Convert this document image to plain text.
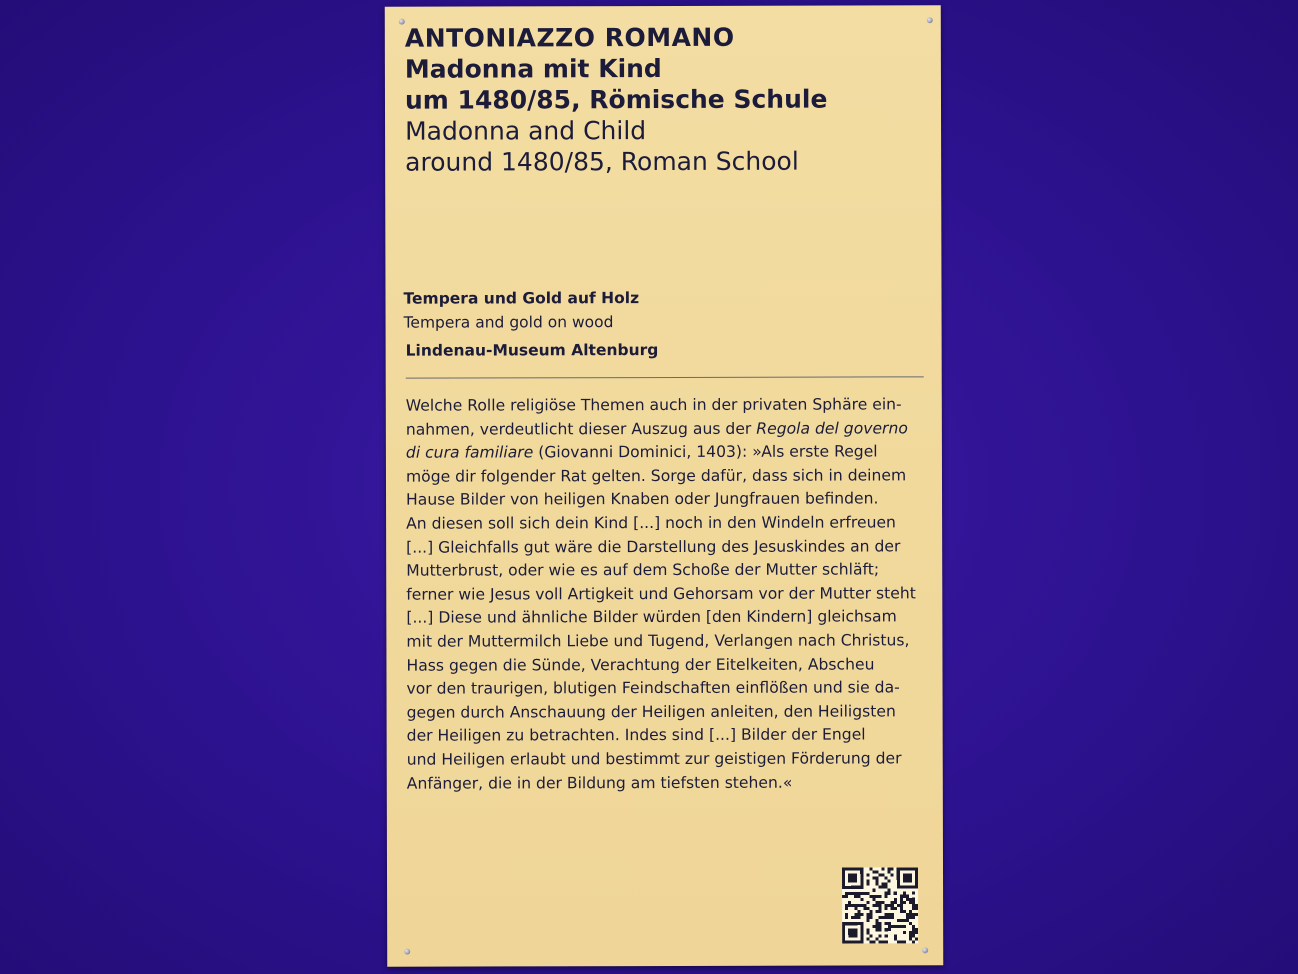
ANTONIAZZO ROMANO
Madonna mit Kind
um 1480/85, Römische Schule
Madonna and Child
around 1480/85, Roman School
Tempera und Gold auf Holz
Tempera and gold on wood
Lindenau-Museum Altenburg
Welche Rolle religiöse Themen auch in der privaten Sphäre ein-
nahmen, verdeutlicht dieser Auszug aus der Regola del governo
di cura familiare (Giovanni Dominici, 1403): »Als erste Regel
möge dir folgender Rat gelten. Sorge dafür, dass sich in deinem
Hause Bilder von heiligen Knaben oder Jungfrauen befinden.
An diesen soll sich dein Kind [...] noch in den Windeln erfreuen
[...] Gleichfalls gut wäre die Darstellung des Jesuskindes an der
Mutterbrust, oder wie es auf dem Schoße der Mutter schläft;
ferner wie Jesus voll Artigkeit und Gehorsam vor der Mutter steht
[...] Diese und ähnliche Bilder würden [den Kindern] gleichsam
mit der Muttermilch Liebe und Tugend, Verlangen nach Christus,
Hass gegen die Sünde, Verachtung der Eitelkeiten, Abscheu
vor den traurigen, blutigen Feindschaften einflößen und sie da-
gegen durch Anschauung der Heiligen anleiten, den Heiligsten
der Heiligen zu betrachten. Indes sind [...] Bilder der Engel
und Heiligen erlaubt und bestimmt zur geistigen Förderung der
Anfänger, die in der Bildung am tiefsten stehen.«
